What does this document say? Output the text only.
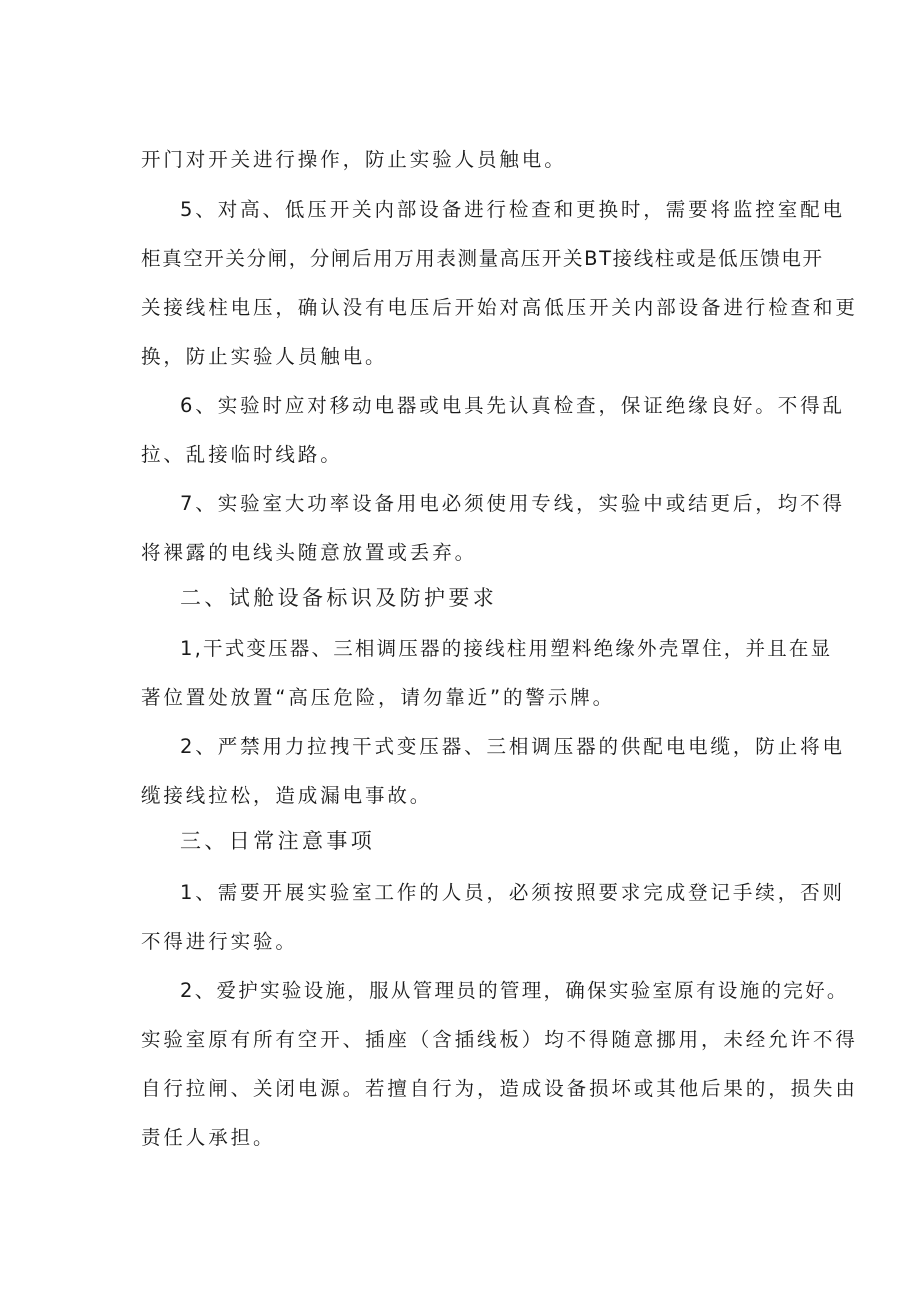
开门对开关进行操作，防止实验人员触电。
5、对高、低压开关内部设备进行检查和更换时，需要将监控室配电
柜真空开关分闸，分闸后用万用表测量高压开关BT接线柱或是低压馈电开
关接线柱电压，确认没有电压后开始对高低压开关内部设备进行检查和更
换，防止实验人员触电。
6、实验时应对移动电器或电具先认真检查，保证绝缘良好。不得乱
拉、乱接临时线路。
7、实验室大功率设备用电必须使用专线，实验中或结更后，均不得
将裸露的电线头随意放置或丢弃。
二、试舱设备标识及防护要求
1,干式变压器、三相调压器的接线柱用塑料绝缘外壳罩住，并且在显
著位置处放置“高压危险，请勿靠近”的警示牌。
2、严禁用力拉拽干式变压器、三相调压器的供配电电缆，防止将电
缆接线拉松，造成漏电事故。
三、日常注意事项
1、需要开展实验室工作的人员，必须按照要求完成登记手续，否则
不得进行实验。
2、爱护实验设施，服从管理员的管理，确保实验室原有设施的完好。
实验室原有所有空开、插座（含插线板）均不得随意挪用，未经允许不得
自行拉闸、关闭电源。若擅自行为，造成设备损坏或其他后果的，损失由
责任人承担。
